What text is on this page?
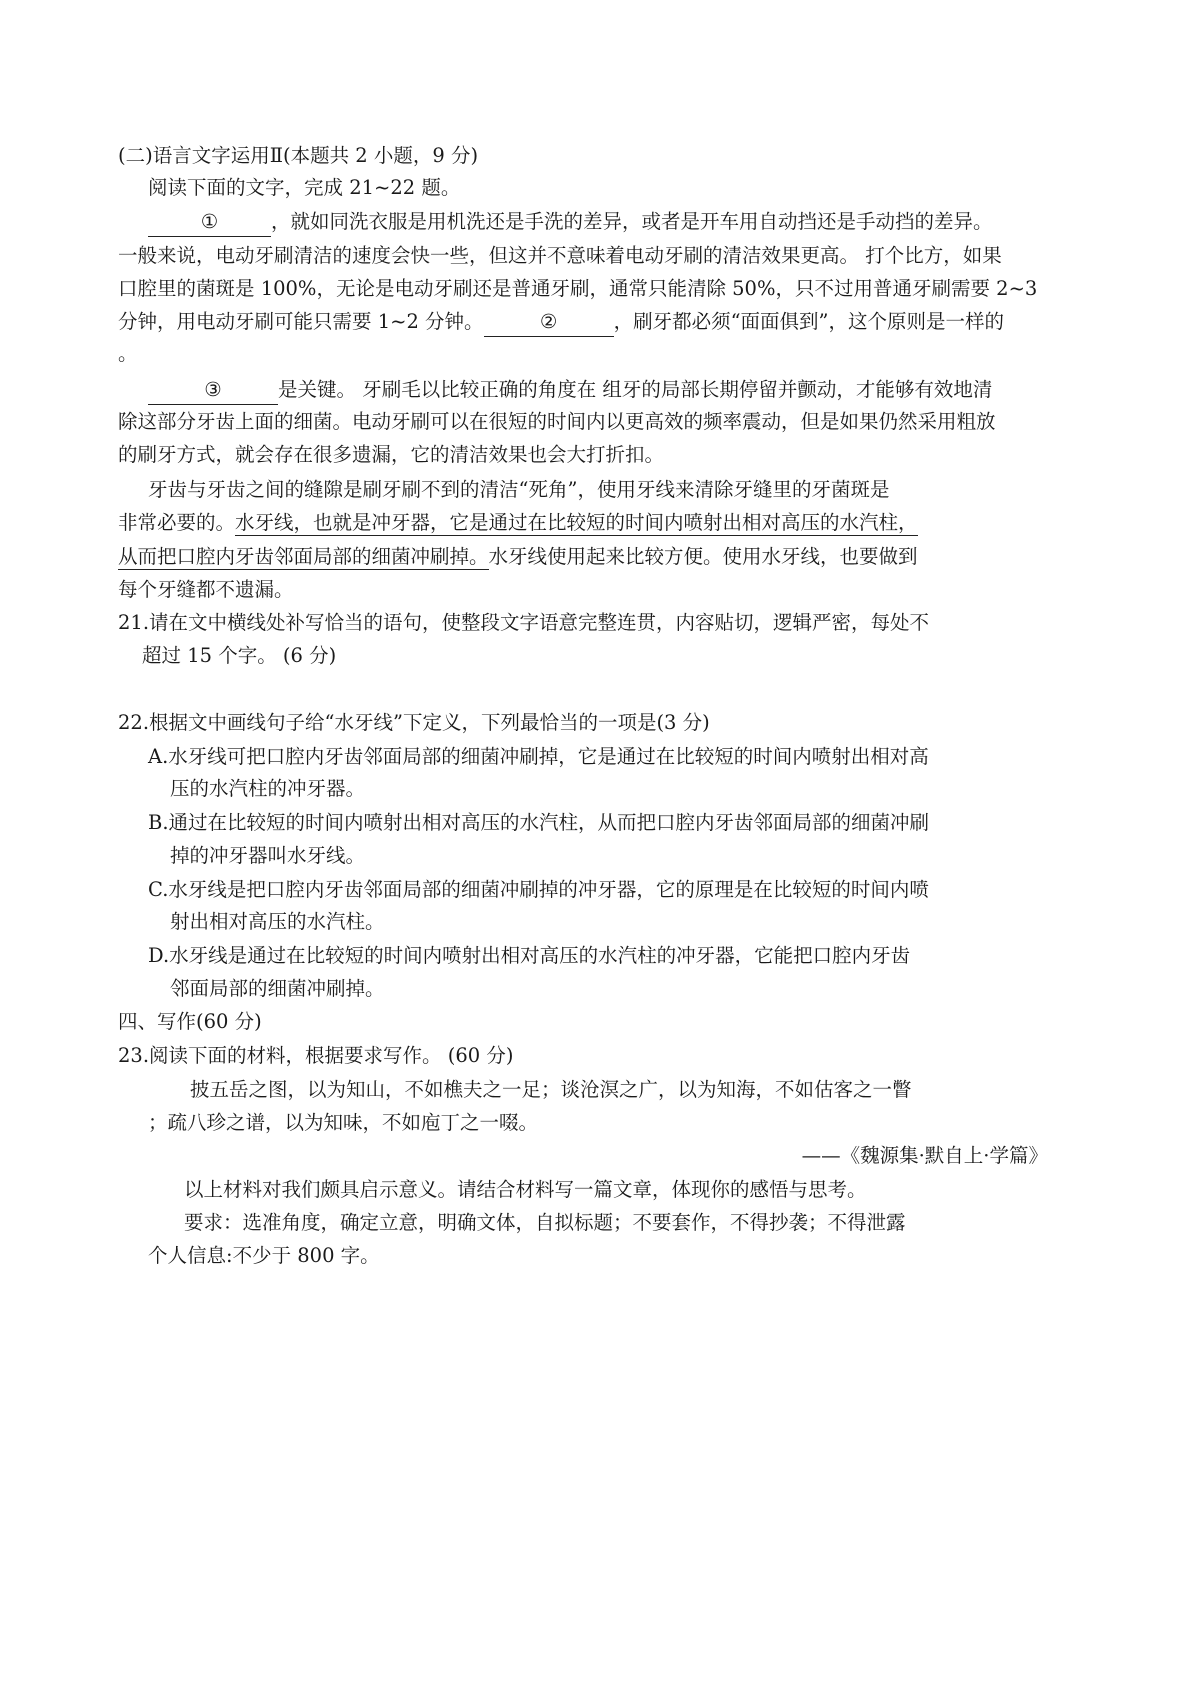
(二)语言文字运用Ⅱ(本题共 2 小题，9 分)

阅读下面的文字，完成 21~22 题。

①	，就如同洗衣服是用机洗还是手洗的差异，或者是开车用自动挡还是手动挡的差异。

一般来说，电动牙刷清洁的速度会快一些，但这并不意味着电动牙刷的清洁效果更高。 打个比方，如果

口腔里的菌斑是 100%，无论是电动牙刷还是普通牙刷，通常只能清除 50%，只不过用普通牙刷需要 2~3

分钟，用电动牙刷可能只需要 1~2 分钟。	②	，刷牙都必须“面面俱到”，这个原则是一样的

。

③	是关键。 牙刷毛以比较正确的角度在 组牙的局部长期停留并颤动，才能够有效地清

除这部分牙齿上面的细菌。电动牙刷可以在很短的时间内以更高效的频率震动，但是如果仍然采用粗放

的刷牙方式，就会存在很多遗漏，它的清洁效果也会大打折扣。

牙齿与牙齿之间的缝隙是刷牙刷不到的清洁“死角”，使用牙线来清除牙缝里的牙菌斑是

非常必要的。水牙线，也就是冲牙器，它是通过在比较短的时间内喷射出相对高压的水汽柱，

从而把口腔内牙齿邻面局部的细菌冲刷掉。水牙线使用起来比较方便。使用水牙线，也要做到

每个牙缝都不遗漏。

21.请在文中横线处补写恰当的语句，使整段文字语意完整连贯，内容贴切，逻辑严密，每处不

超过 15 个字。 (6 分)

22.根据文中画线句子给“水牙线”下定义，下列最恰当的一项是(3 分)

A.水牙线可把口腔内牙齿邻面局部的细菌冲刷掉，它是通过在比较短的时间内喷射出相对高

压的水汽柱的冲牙器。

B.通过在比较短的时间内喷射出相对高压的水汽柱，从而把口腔内牙齿邻面局部的细菌冲刷

掉的冲牙器叫水牙线。

C.水牙线是把口腔内牙齿邻面局部的细菌冲刷掉的冲牙器，它的原理是在比较短的时间内喷

射出相对高压的水汽柱。

D.水牙线是通过在比较短的时间内喷射出相对高压的水汽柱的冲牙器，它能把口腔内牙齿

邻面局部的细菌冲刷掉。

四、写作(60 分)

23.阅读下面的材料，根据要求写作。 (60 分)

披五岳之图，以为知山，不如樵夫之一足；谈沧溟之广，以为知海，不如估客之一瞥

；疏八珍之谱，以为知味，不如庖丁之一啜。

——《魏源集·默自上·学篇》

以上材料对我们颇具启示意义。请结合材料写一篇文章，体现你的感悟与思考。

要求：选准角度，确定立意，明确文体，自拟标题；不要套作，不得抄袭；不得泄露

个人信息:不少于 800 字。
